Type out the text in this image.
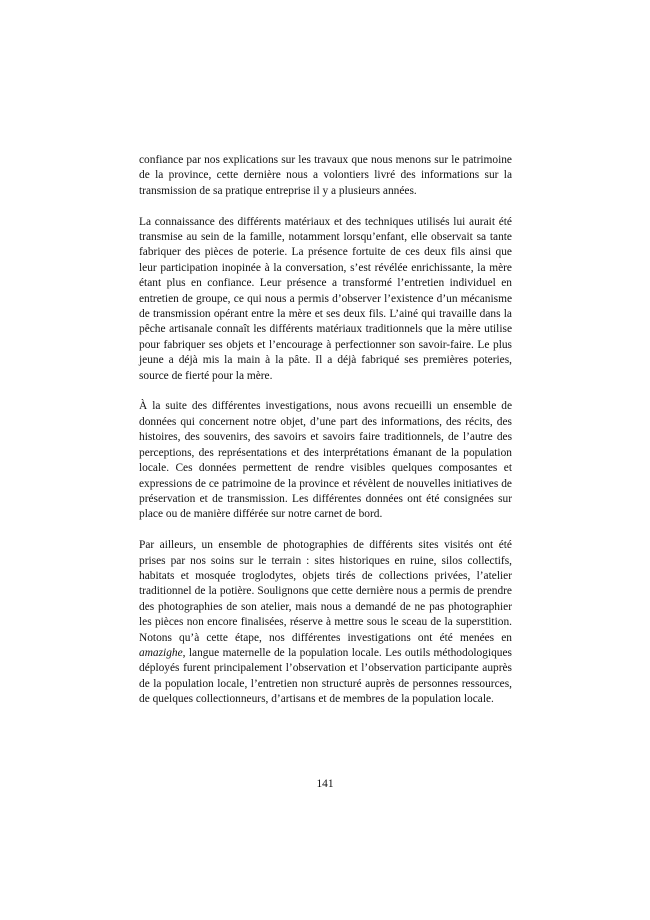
confiance par nos explications sur les travaux que nous menons sur le patrimoine de la province, cette dernière nous a volontiers livré des informations sur la transmission de sa pratique entreprise il y a plusieurs années.

La connaissance des différents matériaux et des techniques utilisés lui aurait été transmise au sein de la famille, notamment lorsqu’enfant, elle observait sa tante fabriquer des pièces de poterie. La présence fortuite de ces deux fils ainsi que leur participation inopinée à la conversation, s’est révélée enrichissante, la mère étant plus en confiance. Leur présence a transformé l’entretien individuel en entretien de groupe, ce qui nous a permis d’observer l’existence d’un mécanisme de transmission opérant entre la mère et ses deux fils. L’ainé qui travaille dans la pêche artisanale connaît les différents matériaux traditionnels que la mère utilise pour fabriquer ses objets et l’encourage à perfectionner son savoir-faire. Le plus jeune a déjà mis la main à la pâte. Il a déjà fabriqué ses premières poteries, source de fierté pour la mère.

À la suite des différentes investigations, nous avons recueilli un ensemble de données qui concernent notre objet, d’une part des informations, des récits, des histoires, des souvenirs, des savoirs et savoirs faire traditionnels, de l’autre des perceptions, des représentations et des interprétations émanant de la population locale. Ces données permettent de rendre visibles quelques composantes et expressions de ce patrimoine de la province et révèlent de nouvelles initiatives de préservation et de transmission. Les différentes données ont été consignées sur place ou de manière différée sur notre carnet de bord.

Par ailleurs, un ensemble de photographies de différents sites visités ont été prises par nos soins sur le terrain : sites historiques en ruine, silos collectifs, habitats et mosquée troglodytes, objets tirés de collections privées, l’atelier traditionnel de la potière. Soulignons que cette dernière nous a permis de prendre des photographies de son atelier, mais nous a demandé de ne pas photographier les pièces non encore finalisées, réserve à mettre sous le sceau de la superstition. Notons qu’à cette étape, nos différentes investigations ont été menées en amazighe, langue maternelle de la population locale. Les outils méthodologiques déployés furent principalement l’observation et l’observation participante auprès de la population locale, l’entretien non structuré auprès de personnes ressources, de quelques collectionneurs, d’artisans et de membres de la population locale.

141
